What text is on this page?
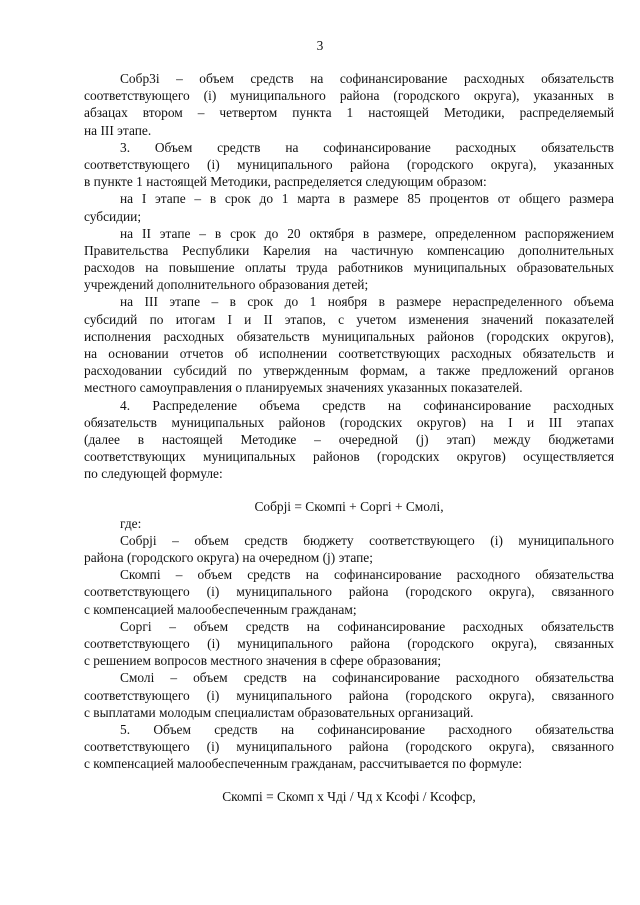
3
Собр3i – объем средств на софинансирование расходных обязательств
соответствующего (i) муниципального района (городского округа), указанных в
абзацах втором – четвертом пункта 1 настоящей Методики, распределяемый
на III этапе.
3. Объем средств на софинансирование расходных обязательств
соответствующего (i) муниципального района (городского округа), указанных
в пункте 1 настоящей Методики, распределяется следующим образом:
на I этапе – в срок до 1 марта в размере 85 процентов от общего размера
субсидии;
на II этапе – в срок до 20 октября в размере, определенном распоряжением
Правительства Республики Карелия на частичную компенсацию дополнительных
расходов на повышение оплаты труда работников муниципальных образовательных
учреждений дополнительного образования детей;
на III этапе – в срок до 1 ноября в размере нераспределенного объема
субсидий по итогам I и II этапов, с учетом изменения значений показателей
исполнения расходных обязательств муниципальных районов (городских округов),
на основании отчетов об исполнении соответствующих расходных обязательств и
расходовании субсидий по утвержденным формам, а также предложений органов
местного самоуправления о планируемых значениях указанных показателей.
4. Распределение объема средств на софинансирование расходных
обязательств муниципальных районов (городских округов) на I и III этапах
(далее в настоящей Методике – очередной (j) этап) между бюджетами
соответствующих муниципальных районов (городских округов) осуществляется
по следующей формуле:
Собрji = Скомпi + Соргi + Смолi,
где:
Собрji – объем средств бюджету соответствующего (i) муниципального
района (городского округа) на очередном (j) этапе;
Скомпi – объем средств на софинансирование расходного обязательства
соответствующего (i) муниципального района (городского округа), связанного
с компенсацией малообеспеченным гражданам;
Соргi – объем средств на софинансирование расходных обязательств
соответствующего (i) муниципального района (городского округа), связанных
с решением вопросов местного значения в сфере образования;
Смолi – объем средств на софинансирование расходного обязательства
соответствующего (i) муниципального района (городского округа), связанного
с выплатами молодым специалистам образовательных организаций.
5. Объем средств на софинансирование расходного обязательства
соответствующего (i) муниципального района (городского округа), связанного
с компенсацией малообеспеченным гражданам, рассчитывается по формуле:
Скомпi = Скомп х Чдi / Чд х Ксофi / Ксофср,
